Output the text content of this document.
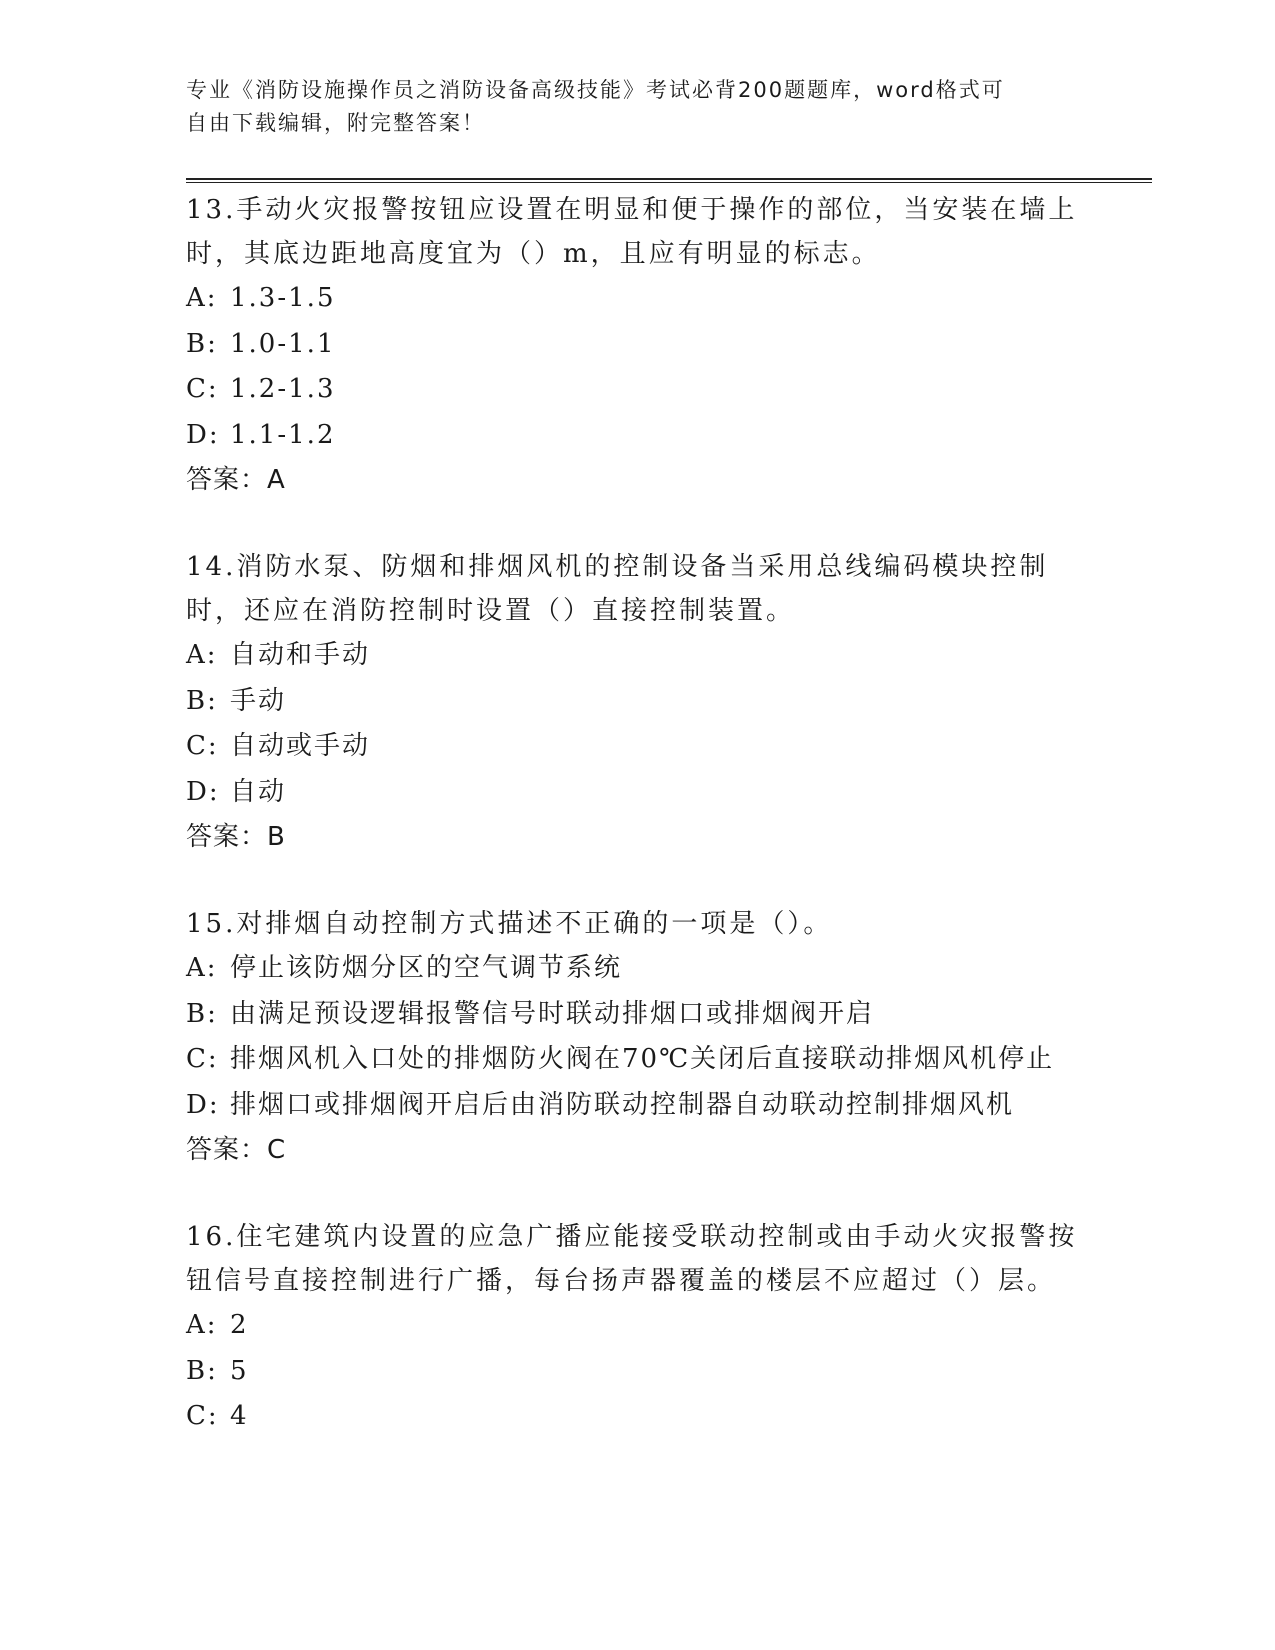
专业《消防设施操作员之消防设备高级技能》考试必背200题题库，word格式可
自由下载编辑，附完整答案！

13.手动火灾报警按钮应设置在明显和便于操作的部位，当安装在墙上时，其底边距地高度宜为（）m，且应有明显的标志。

A: 1.3-1.5
B: 1.0-1.1
C: 1.2-1.3
D: 1.1-1.2
答案：A

14.消防水泵、防烟和排烟风机的控制设备当采用总线编码模块控制时，还应在消防控制时设置（）直接控制装置。

A: 自动和手动
B: 手动
C: 自动或手动
D: 自动
答案：B

15.对排烟自动控制方式描述不正确的一项是（）。

A: 停止该防烟分区的空气调节系统
B: 由满足预设逻辑报警信号时联动排烟口或排烟阀开启
C: 排烟风机入口处的排烟防火阀在70℃关闭后直接联动排烟风机停止
D: 排烟口或排烟阀开启后由消防联动控制器自动联动控制排烟风机
答案：C

16.住宅建筑内设置的应急广播应能接受联动控制或由手动火灾报警按钮信号直接控制进行广播，每台扬声器覆盖的楼层不应超过（）层。

A: 2
B: 5
C: 4
